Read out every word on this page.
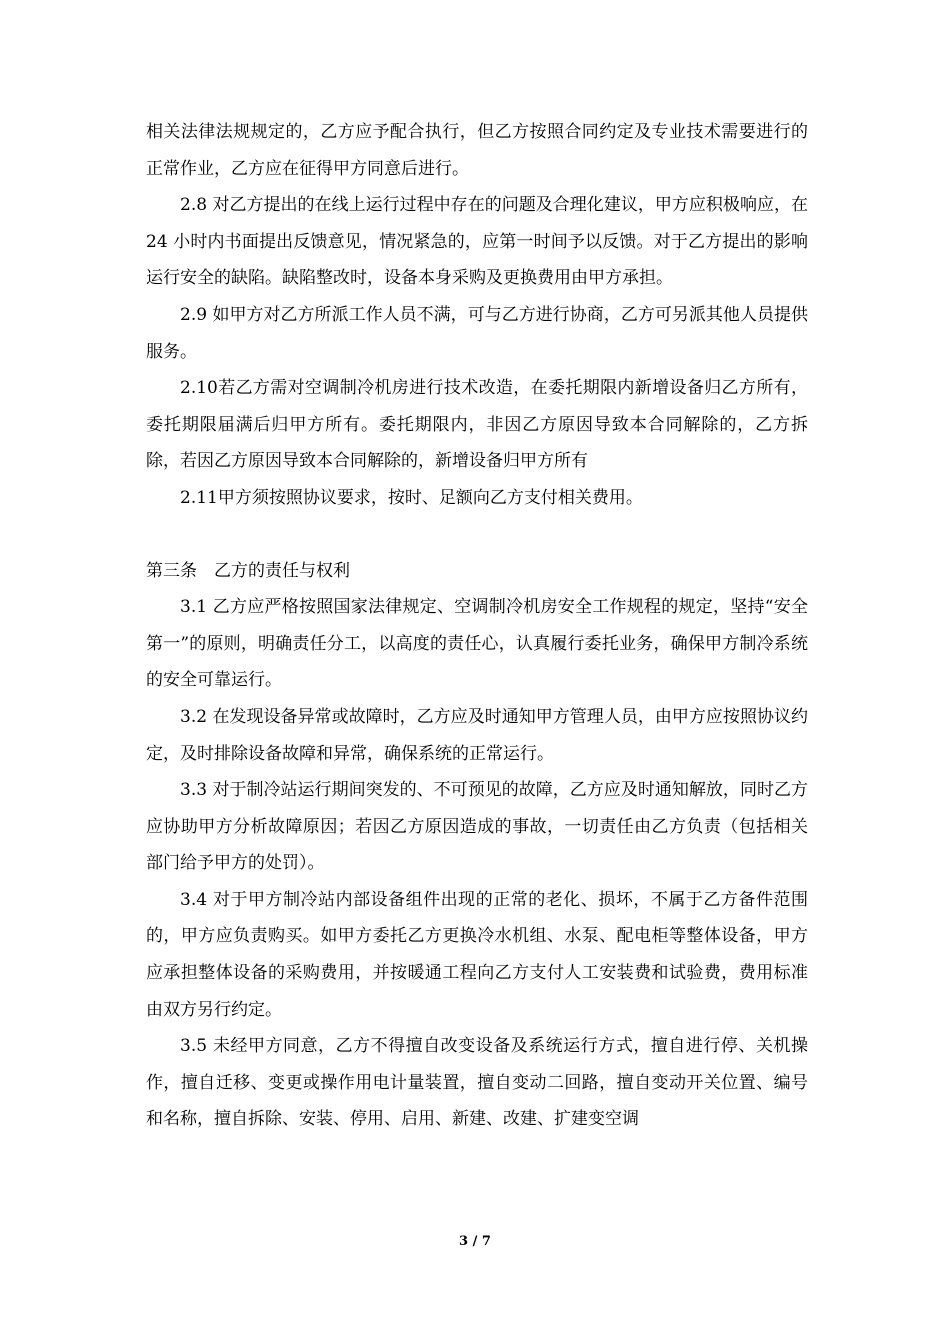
相关法律法规规定的，乙方应予配合执行，但乙方按照合同约定及专业技术需要进行的正常作业，乙方应在征得甲方同意后进行。

2.8 对乙方提出的在线上运行过程中存在的问题及合理化建议，甲方应积极响应，在 24 小时内书面提出反馈意见，情况紧急的，应第一时间予以反馈。对于乙方提出的影响运行安全的缺陷。缺陷整改时，设备本身采购及更换费用由甲方承担。

2.9 如甲方对乙方所派工作人员不满，可与乙方进行协商，乙方可另派其他人员提供服务。

2.10若乙方需对空调制冷机房进行技术改造，在委托期限内新增设备归乙方所有，委托期限届满后归甲方所有。委托期限内，非因乙方原因导致本合同解除的，乙方拆除，若因乙方原因导致本合同解除的，新增设备归甲方所有

2.11甲方须按照协议要求，按时、足额向乙方支付相关费用。

第三条　乙方的责任与权利

3.1 乙方应严格按照国家法律规定、空调制冷机房安全工作规程的规定，坚持“安全第一”的原则，明确责任分工，以高度的责任心，认真履行委托业务，确保甲方制冷系统的安全可靠运行。

3.2 在发现设备异常或故障时，乙方应及时通知甲方管理人员，由甲方应按照协议约定，及时排除设备故障和异常，确保系统的正常运行。

3.3 对于制冷站运行期间突发的、不可预见的故障，乙方应及时通知解放，同时乙方应协助甲方分析故障原因；若因乙方原因造成的事故，一切责任由乙方负责（包括相关部门给予甲方的处罚）。

3.4 对于甲方制冷站内部设备组件出现的正常的老化、损坏，不属于乙方备件范围的，甲方应负责购买。如甲方委托乙方更换冷水机组、水泵、配电柜等整体设备，甲方应承担整体设备的采购费用，并按暖通工程向乙方支付人工安装费和试验费，费用标准由双方另行约定。

3.5 未经甲方同意，乙方不得擅自改变设备及系统运行方式，擅自进行停、关机操作，擅自迁移、变更或操作用电计量装置，擅自变动二回路，擅自变动开关位置、编号和名称，擅自拆除、安装、停用、启用、新建、改建、扩建变空调

3 / 7
